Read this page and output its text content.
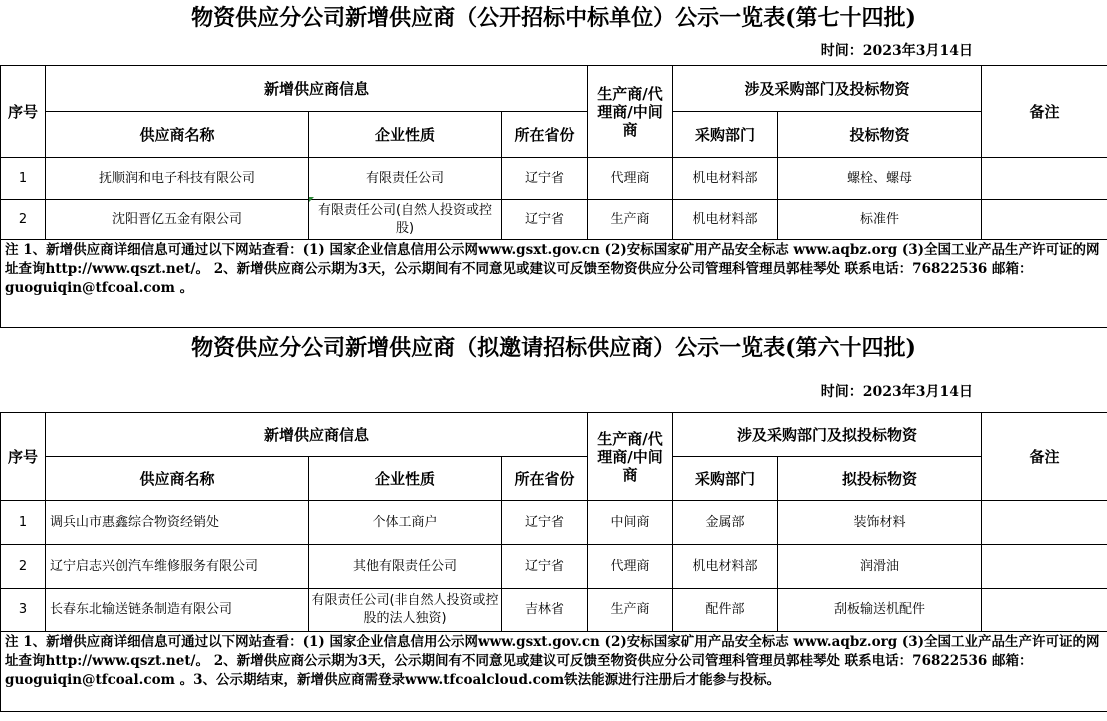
物资供应分公司新增供应商（公开招标中标单位）公示一览表(第七十四批)
时间：2023年3月14日
序号	新增供应商信息			生产商/代理商/中间商	涉及采购部门及投标物资		备注
	供应商名称	企业性质	所在省份		采购部门	投标物资	
1	抚顺润和电子科技有限公司	有限责任公司	辽宁省	代理商	机电材料部	螺栓、螺母	
2	沈阳晋亿五金有限公司	有限责任公司(自然人投资或控股)	辽宁省	生产商	机电材料部	标准件	
注 1、新增供应商详细信息可通过以下网站查看：(1) 国家企业信息信用公示网www.gsxt.gov.cn (2)安标国家矿用产品安全标志 www.aqbz.org (3)全国工业产品生产许可证的网址查询http://www.qszt.net/。 2、新增供应商公示期为3天，公示期间有不同意见或建议可反馈至物资供应分公司管理科管理员郭桂琴处 联系电话：76822536 邮箱：guoguiqin@tfcoal.com 。							
物资供应分公司新增供应商（拟邀请招标供应商）公示一览表(第六十四批)
时间：2023年3月14日
序号	新增供应商信息			生产商/代理商/中间商	涉及采购部门及拟投标物资		备注
	供应商名称	企业性质	所在省份		采购部门	拟投标物资	
1	调兵山市惠鑫综合物资经销处	个体工商户	辽宁省	中间商	金属部	装饰材料	
2	辽宁启志兴创汽车维修服务有限公司	其他有限责任公司	辽宁省	代理商	机电材料部	润滑油	
3	长春东北输送链条制造有限公司	有限责任公司(非自然人投资或控股的法人独资)	吉林省	生产商	配件部	刮板输送机配件	
注 1、新增供应商详细信息可通过以下网站查看：(1) 国家企业信息信用公示网www.gsxt.gov.cn (2)安标国家矿用产品安全标志 www.aqbz.org (3)全国工业产品生产许可证的网址查询http://www.qszt.net/。 2、新增供应商公示期为3天，公示期间有不同意见或建议可反馈至物资供应分公司管理科管理员郭桂琴处 联系电话：76822536 邮箱：guoguiqin@tfcoal.com 。3、公示期结束，新增供应商需登录www.tfcoalcloud.com铁法能源进行注册后才能参与投标。							
